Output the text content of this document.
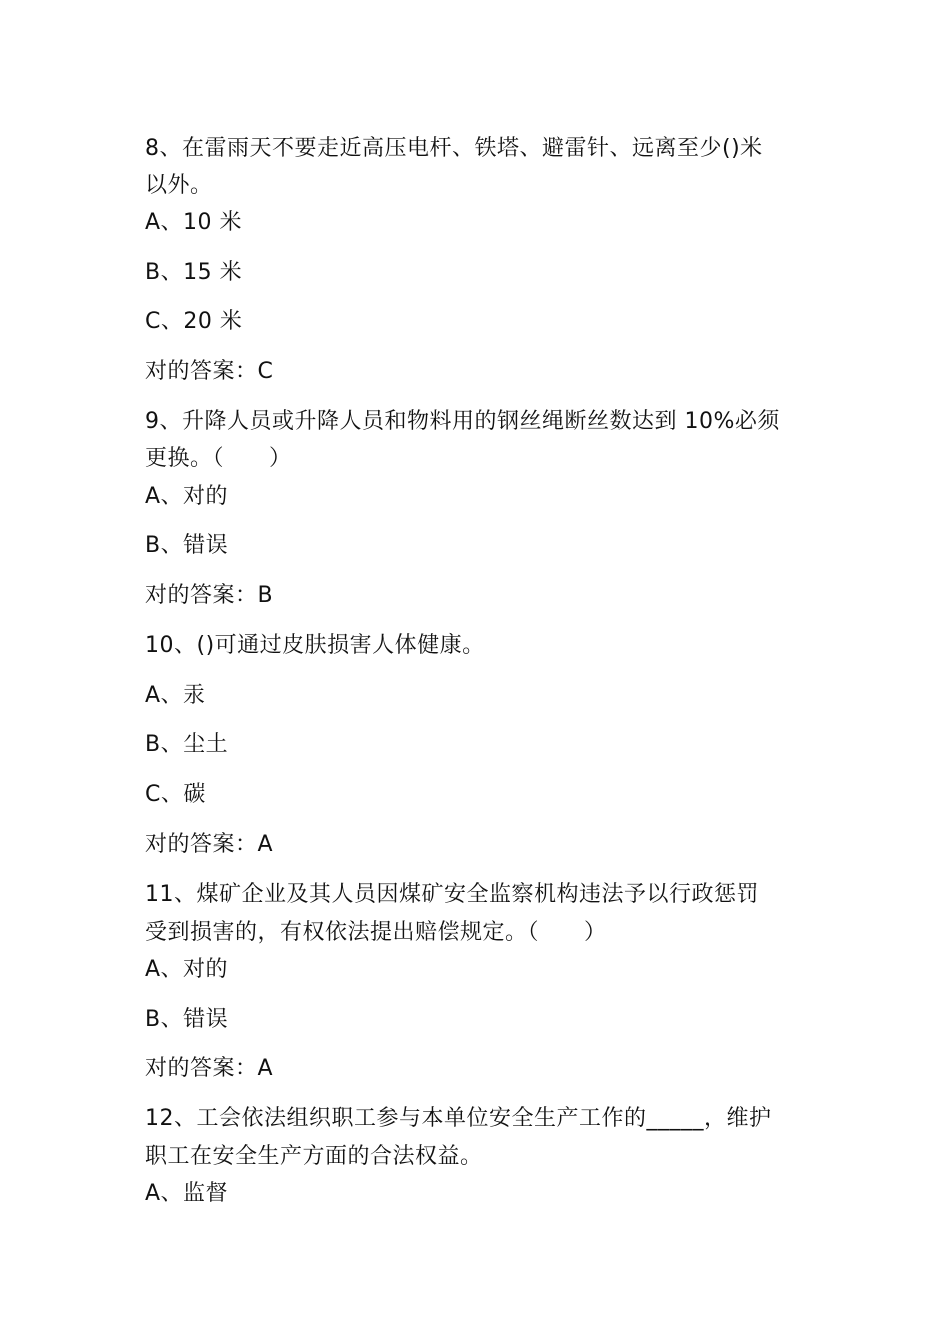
8、在雷雨天不要走近高压电杆、铁塔、避雷针、远离至少()米
以外。
A、10 米
B、15 米
C、20 米
对的答案：C
9、升降人员或升降人员和物料用的钢丝绳断丝数达到 10%必须
更换。（　　）
A、对的
B、错误
对的答案：B
10、()可通过皮肤损害人体健康。
A、汞
B、尘土
C、碳
对的答案：A
11、煤矿企业及其人员因煤矿安全监察机构违法予以行政惩罚
受到损害的，有权依法提出赔偿规定。（　　）
A、对的
B、错误
对的答案：A
12、工会依法组织职工参与本单位安全生产工作的_____，维护
职工在安全生产方面的合法权益。
A、监督
